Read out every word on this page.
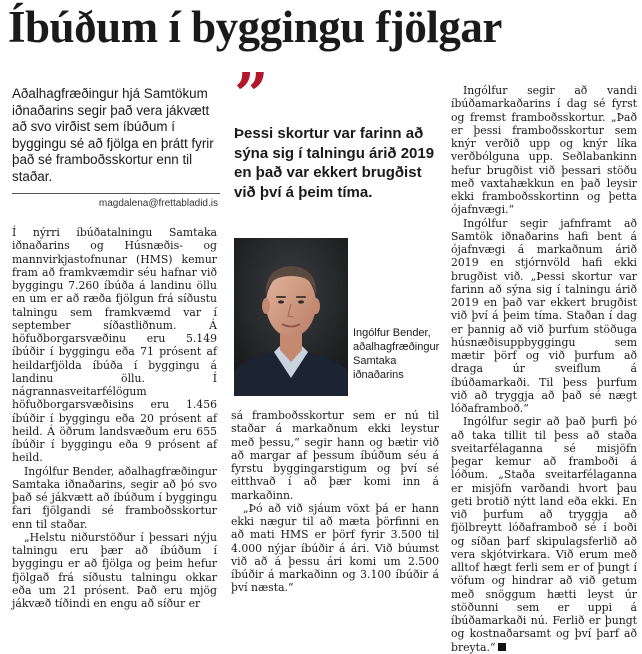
Íbúðum í byggingu fjölgar
Aðalhagfræðingur hjá Samtökum iðnaðarins segir það vera jákvætt að svo virðist sem íbúðum í byggingu sé að fjölga en þrátt fyrir það sé framboðsskortur enn til staðar.
magdalena@frettabladid.is
”
Þessi skortur var farinn að sýna sig í talningu árið 2019 en það var ekkert brugðist við því á þeim tíma.
Ingólfur Bender, aðalhagfræðingur Samtaka iðnaðarins

Í nýrri íbúðatalningu Samtaka iðnaðarins og Húsnæðis- og mannvirkjastofnunar (HMS) kemur fram að framkvæmdir séu hafnar við byggingu 7.260 íbúða á landinu öllu en um er að ræða fjölgun frá síðustu talningu sem framkvæmd var í september síðastliðnum. Á höfuðborgarsvæðinu eru 5.149 íbúðir í byggingu eða 71 prósent af heildarfjölda íbúða í byggingu á landinu öllu. Í nágrannasveitarfélögum höfuðborgarsvæðisins eru 1.456 íbúðir í byggingu eða 20 prósent af heild. Á öðrum landsvæðum eru 655 íbúðir í byggingu eða 9 prósent af heild.

Ingólfur Bender, aðalhagfræðingur Samtaka iðnaðarins, segir að þó svo það sé jákvætt að íbúðum í byggingu fari fjölgandi sé framboðsskortur enn til staðar.

„Helstu niðurstöður í þessari nýju talningu eru þær að íbúðum í byggingu er að fjölga og þeim hefur fjölgað frá síðustu talningu okkar eða um 21 prósent. Það eru mjög jákvæð tíðindi en engu að síður er

sá framboðsskortur sem er nú til staðar á markaðnum ekki leystur með þessu,“ segir hann og bætir við að margar af þessum íbúðum séu á fyrstu byggingarstigum og því sé eitthvað í að þær komi inn á markaðinn.

„Þó að við sjáum vöxt þá er hann ekki nægur til að mæta þörfinni en að mati HMS er þörf fyrir 3.500 til 4.000 nýjar íbúðir á ári. Við búumst við að á þessu ári komi um 2.500 íbúðir á markaðinn og 3.100 íbúðir á því næsta.“

Ingólfur segir að vandi íbúðamarkaðarins í dag sé fyrst og fremst framboðsskortur. „Það er þessi framboðsskortur sem knýr verðið upp og knýr líka verðbólguna upp. Seðlabankinn hefur brugðist við þessari stöðu með vaxtahækkun en það leysir ekki framboðsskortinn og þetta ójafnvægi.“

Ingólfur segir jafnframt að Samtök iðnaðarins hafi bent á ójafnvægi á markaðnum árið 2019 en stjórnvöld hafi ekki brugðist við. „Þessi skortur var farinn að sýna sig í talningu árið 2019 en það var ekkert brugðist við því á þeim tíma. Staðan í dag er þannig að við þurfum stöðuga húsnæðisuppbyggingu sem mætir þörf og við þurfum að draga úr sveiflum á íbúðamarkaði. Til þess þurfum við að tryggja að það sé nægt lóðaframboð.“

Ingólfur segir að það þurfi þó að taka tillit til þess að staða sveitarfélaganna sé misjöfn þegar kemur að framboði á lóðum. „Staða sveitarfélaganna er misjöfn varðandi hvort þau geti brotið nýtt land eða ekki. En við þurfum að tryggja að fjölbreytt lóðaframboð sé í boði og síðan þarf skipulagsferlið að vera skjótvirkara. Við erum með alltof hægt ferli sem er of þungt í vöfum og hindrar að við getum með snöggum hætti leyst úr stöðunni sem er uppi á íbúðamarkaði nú. Ferlið er þungt og kostnaðarsamt og því þarf að breyta.“
